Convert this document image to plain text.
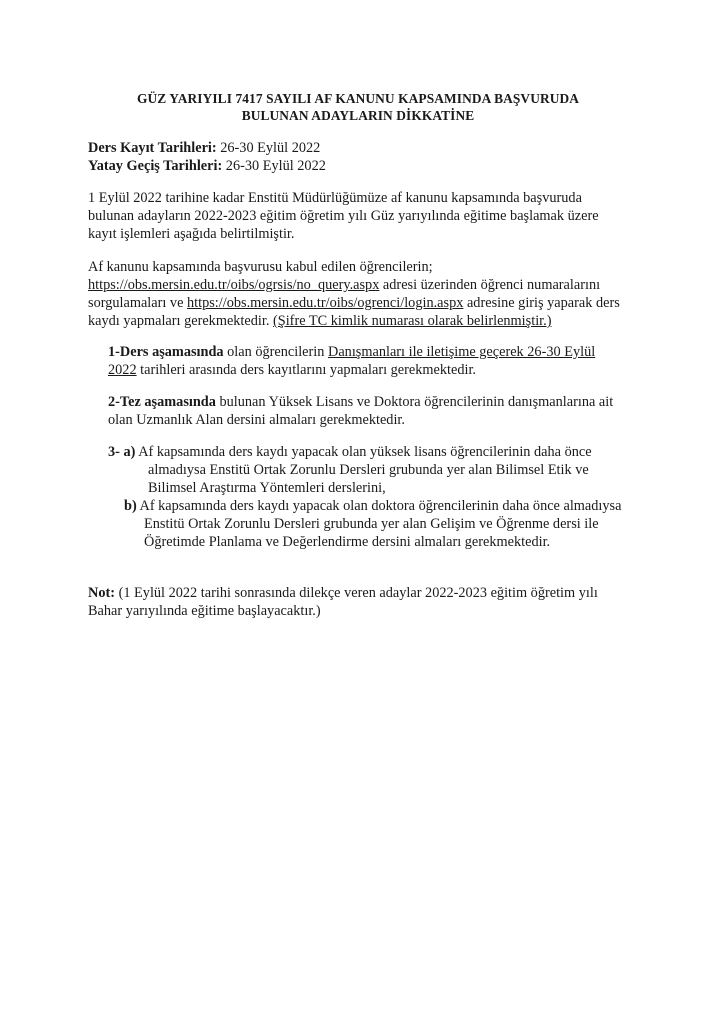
GÜZ YARIYILI 7417 SAYILI AF KANUNU KAPSAMINDA BAŞVURUDA
BULUNAN ADAYLARIN DİKKATİNE
Ders Kayıt Tarihleri: 26-30 Eylül 2022
Yatay Geçiş Tarihleri: 26-30 Eylül 2022
1 Eylül 2022 tarihine kadar Enstitü Müdürlüğümüze af kanunu kapsamında başvuruda
bulunan adayların 2022-2023 eğitim öğretim yılı Güz yarıyılında eğitime başlamak üzere
kayıt işlemleri aşağıda belirtilmiştir.
Af kanunu kapsamında başvurusu kabul edilen öğrencilerin;
https://obs.mersin.edu.tr/oibs/ogrsis/no_query.aspx adresi üzerinden öğrenci numaralarını
sorgulamaları ve https://obs.mersin.edu.tr/oibs/ogrenci/login.aspx adresine giriş yaparak ders
kaydı yapmaları gerekmektedir. (Şifre TC kimlik numarası olarak belirlenmiştir.)
1-Ders aşamasında olan öğrencilerin Danışmanları ile iletişime geçerek 26-30 Eylül
2022 tarihleri arasında ders kayıtlarını yapmaları gerekmektedir.
2-Tez aşamasında bulunan Yüksek Lisans ve Doktora öğrencilerinin danışmanlarına ait
olan Uzmanlık Alan dersini almaları gerekmektedir.
3- a) Af kapsamında ders kaydı yapacak olan yüksek lisans öğrencilerinin daha önce
almadıysa Enstitü Ortak Zorunlu Dersleri grubunda yer alan Bilimsel Etik ve
Bilimsel Araştırma Yöntemleri derslerini,
b) Af kapsamında ders kaydı yapacak olan doktora öğrencilerinin daha önce almadıysa
Enstitü Ortak Zorunlu Dersleri grubunda yer alan Gelişim ve Öğrenme dersi ile
Öğretimde Planlama ve Değerlendirme dersini almaları gerekmektedir.
Not: (1 Eylül 2022 tarihi sonrasında dilekçe veren adaylar 2022-2023 eğitim öğretim yılı
Bahar yarıyılında eğitime başlayacaktır.)
